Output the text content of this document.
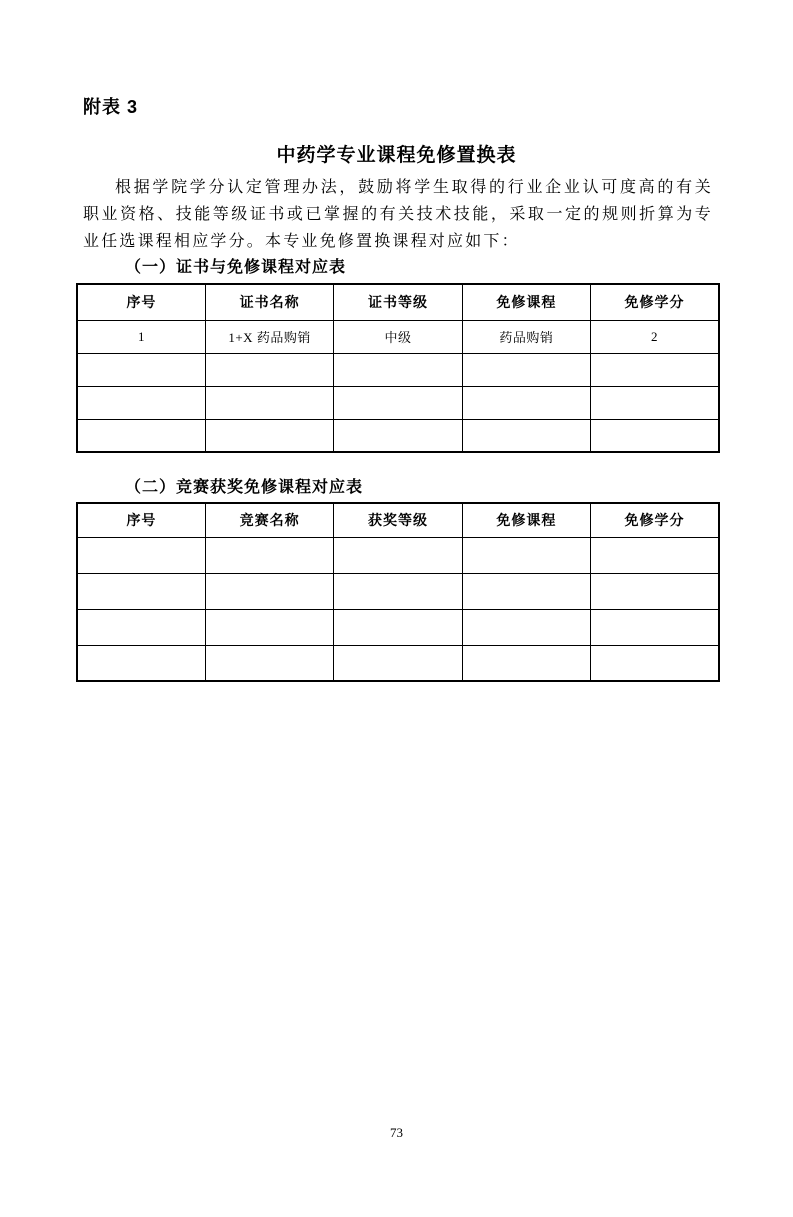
附表 3
中药学专业课程免修置换表

根据学院学分认定管理办法，鼓励将学生取得的行业企业认可度高的有关职业资格、技能等级证书或已掌握的有关技术技能，采取一定的规则折算为专业任选课程相应学分。本专业免修置换课程对应如下：

（一）证书与免修课程对应表
序号	证书名称	证书等级	免修课程	免修学分
1	1+X 药品购销	中级	药品购销	2

（二）竞赛获奖免修课程对应表
序号	竞赛名称	获奖等级	免修课程	免修学分

73
